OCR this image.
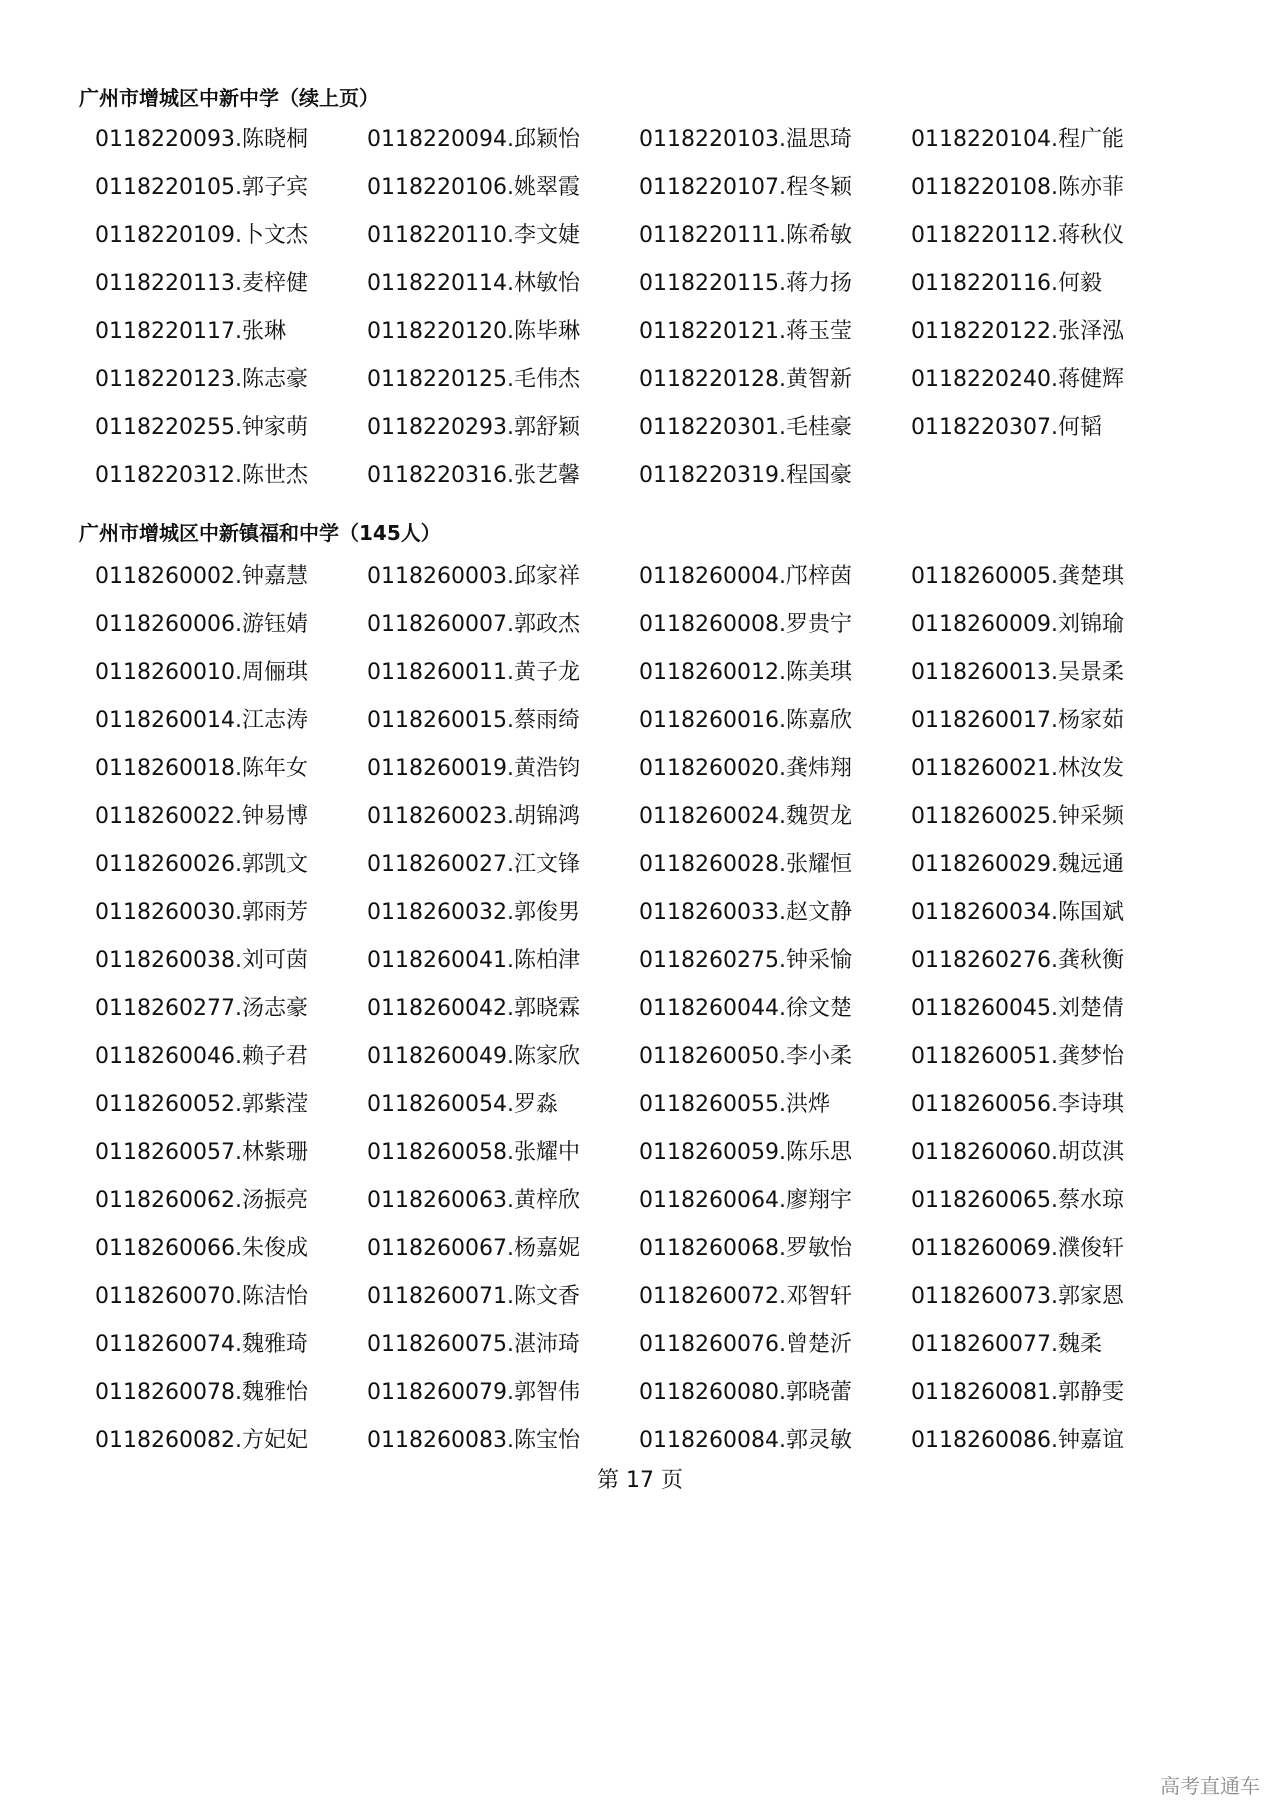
广州市增城区中新中学（续上页）
0118220093.陈晓桐	0118220094.邱颖怡	0118220103.温思琦	0118220104.程广能
0118220105.郭子宾	0118220106.姚翠霞	0118220107.程冬颖	0118220108.陈亦菲
0118220109.卜文杰	0118220110.李文婕	0118220111.陈希敏	0118220112.蒋秋仪
0118220113.麦梓健	0118220114.林敏怡	0118220115.蒋力扬	0118220116.何毅
0118220117.张琳	0118220120.陈毕琳	0118220121.蒋玉莹	0118220122.张泽泓
0118220123.陈志豪	0118220125.毛伟杰	0118220128.黄智新	0118220240.蒋健辉
0118220255.钟家萌	0118220293.郭舒颖	0118220301.毛桂豪	0118220307.何韬
0118220312.陈世杰	0118220316.张艺馨	0118220319.程国豪
广州市增城区中新镇福和中学（145人）
0118260002.钟嘉慧	0118260003.邱家祥	0118260004.邝梓茵	0118260005.龚楚琪
0118260006.游钰婧	0118260007.郭政杰	0118260008.罗贵宁	0118260009.刘锦瑜
0118260010.周俪琪	0118260011.黄子龙	0118260012.陈美琪	0118260013.吴景柔
0118260014.江志涛	0118260015.蔡雨绮	0118260016.陈嘉欣	0118260017.杨家茹
0118260018.陈年女	0118260019.黄浩钧	0118260020.龚炜翔	0118260021.林汝发
0118260022.钟易博	0118260023.胡锦鸿	0118260024.魏贺龙	0118260025.钟采频
0118260026.郭凯文	0118260027.江文锋	0118260028.张耀恒	0118260029.魏远通
0118260030.郭雨芳	0118260032.郭俊男	0118260033.赵文静	0118260034.陈国斌
0118260038.刘可茵	0118260041.陈柏津	0118260275.钟采愉	0118260276.龚秋衡
0118260277.汤志豪	0118260042.郭晓霖	0118260044.徐文楚	0118260045.刘楚倩
0118260046.赖子君	0118260049.陈家欣	0118260050.李小柔	0118260051.龚梦怡
0118260052.郭紫滢	0118260054.罗淼	0118260055.洪烨	0118260056.李诗琪
0118260057.林紫珊	0118260058.张耀中	0118260059.陈乐思	0118260060.胡苡淇
0118260062.汤振亮	0118260063.黄梓欣	0118260064.廖翔宇	0118260065.蔡水琼
0118260066.朱俊成	0118260067.杨嘉妮	0118260068.罗敏怡	0118260069.濮俊轩
0118260070.陈洁怡	0118260071.陈文香	0118260072.邓智轩	0118260073.郭家恩
0118260074.魏雅琦	0118260075.湛沛琦	0118260076.曾楚沂	0118260077.魏柔
0118260078.魏雅怡	0118260079.郭智伟	0118260080.郭晓蕾	0118260081.郭静雯
0118260082.方妃妃	0118260083.陈宝怡	0118260084.郭灵敏	0118260086.钟嘉谊
第 17 页
高考直通车
